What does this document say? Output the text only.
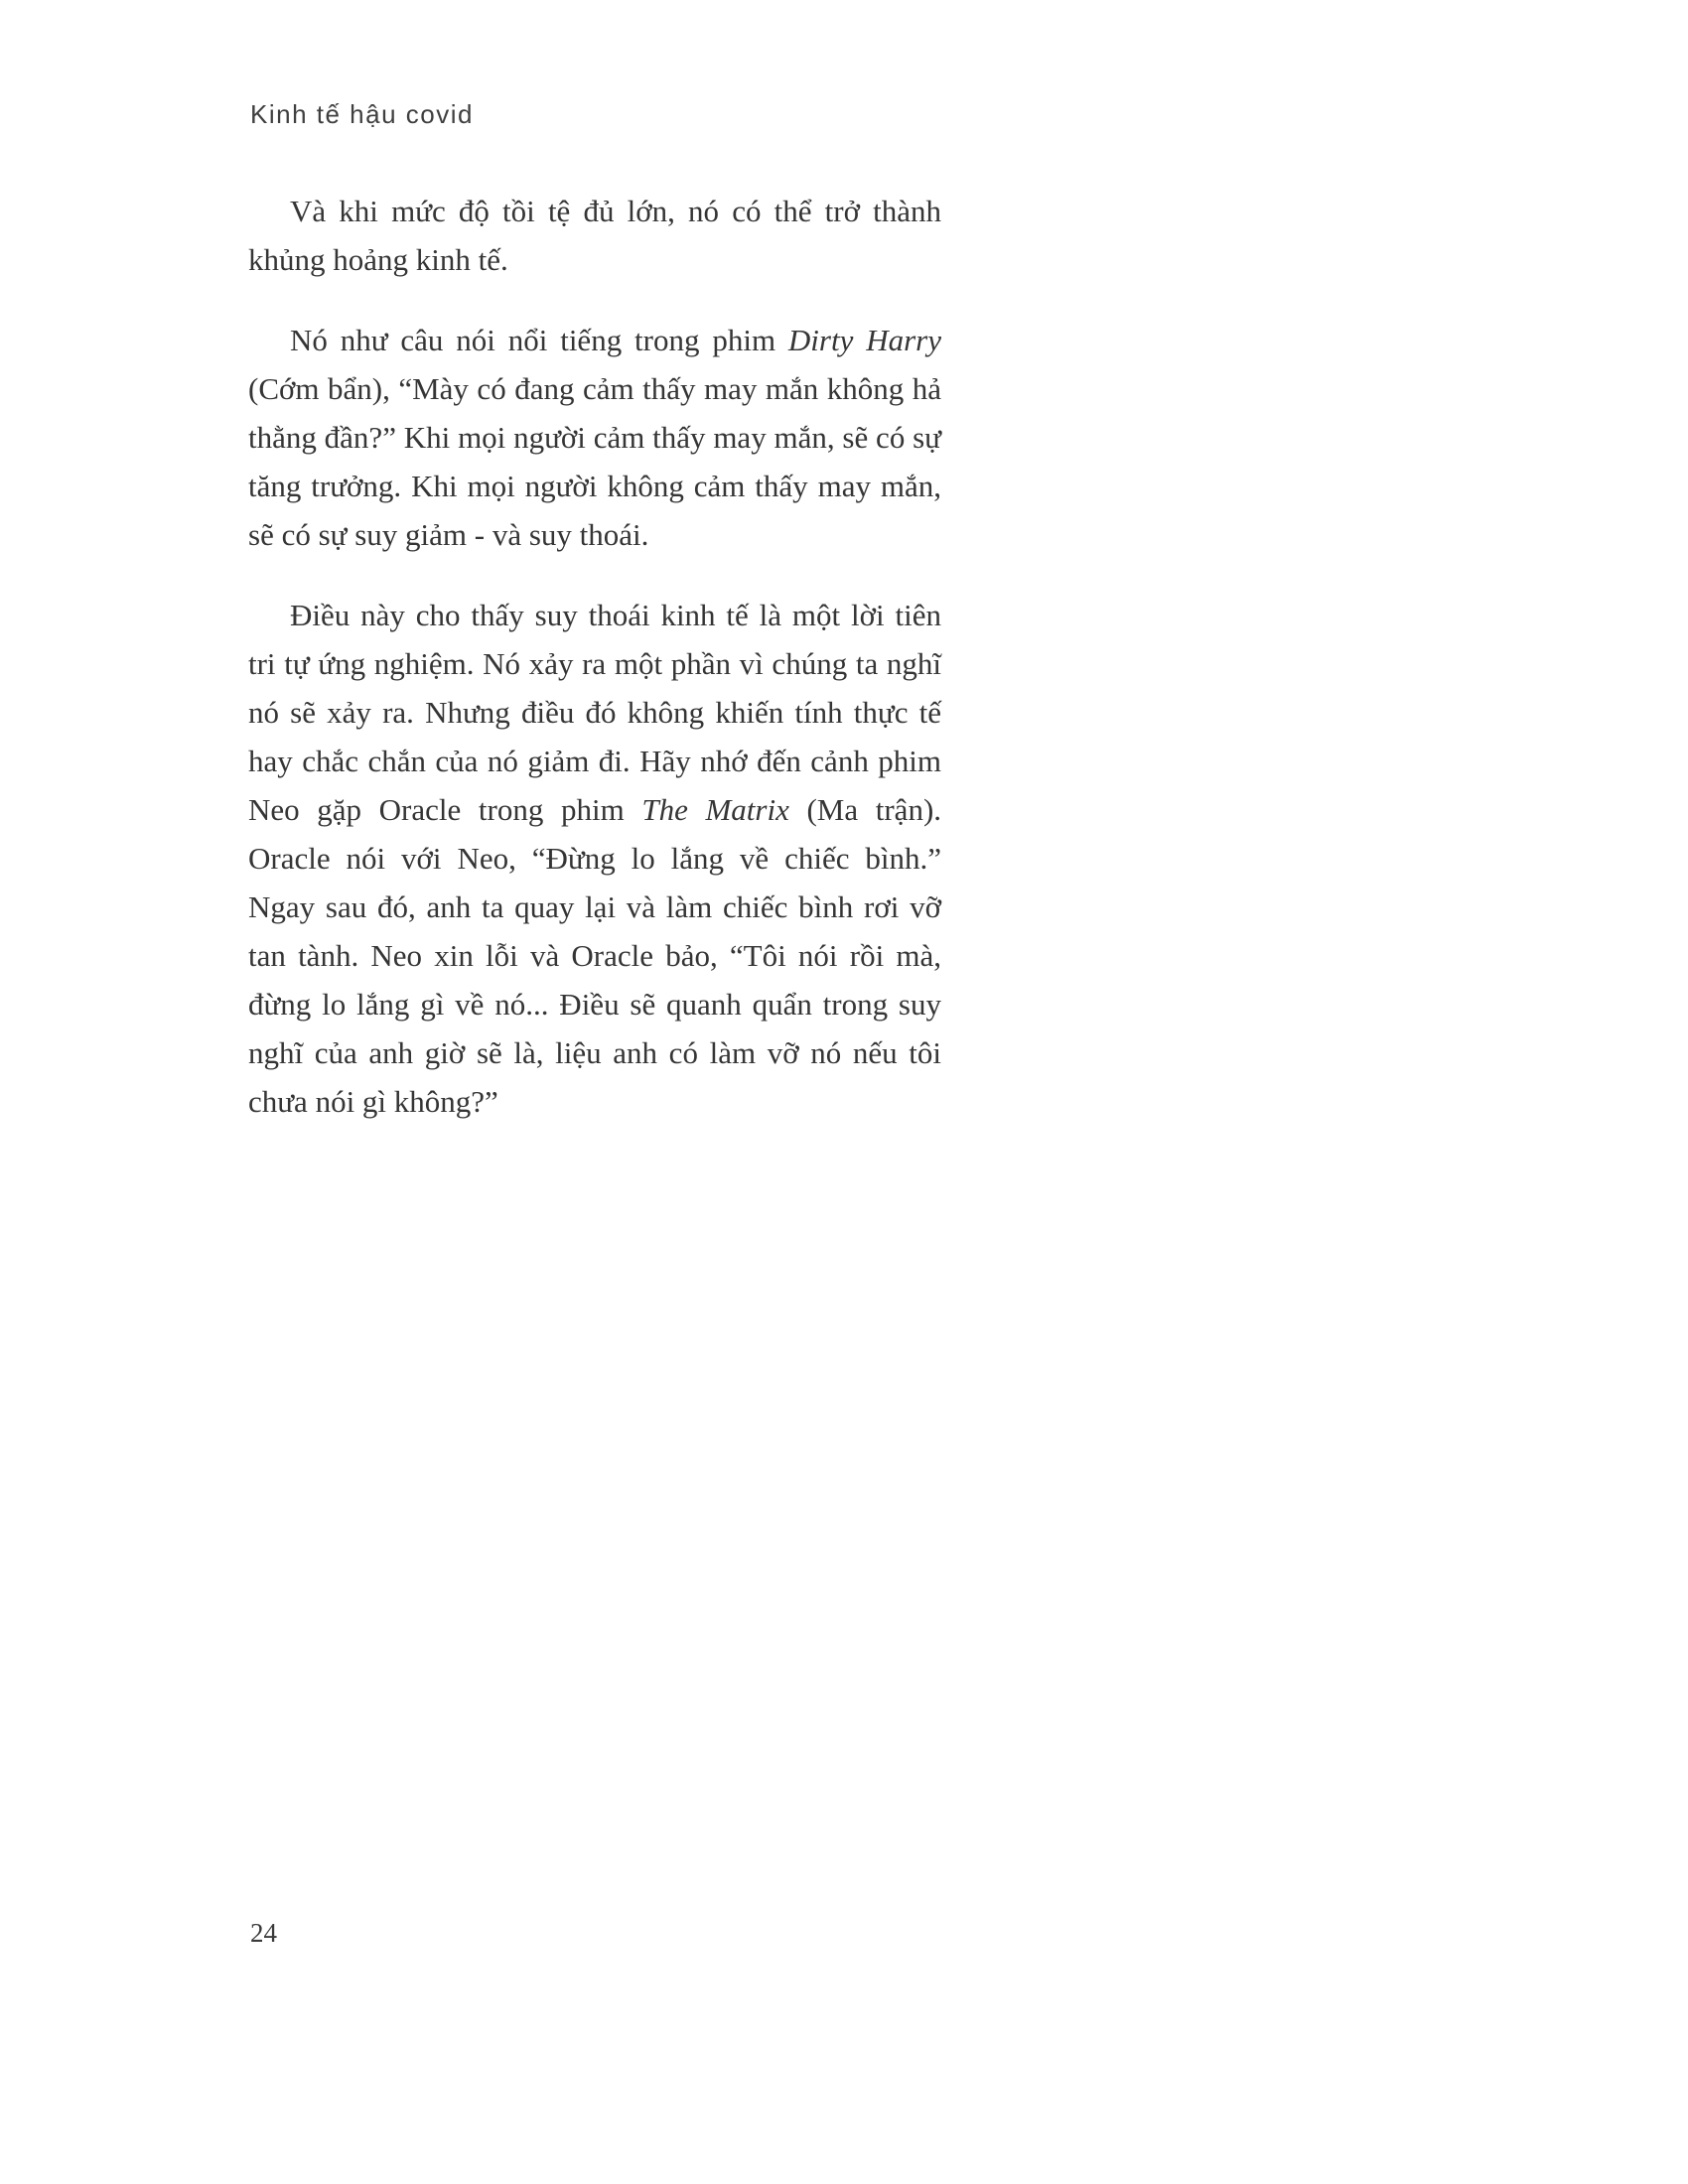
Kinh tế hậu covid

Và khi mức độ tồi tệ đủ lớn, nó có thể trở thành khủng hoảng kinh tế.

Nó như câu nói nổi tiếng trong phim Dirty Harry (Cớm bẩn), “Mày có đang cảm thấy may mắn không hả thằng đần?” Khi mọi người cảm thấy may mắn, sẽ có sự tăng trưởng. Khi mọi người không cảm thấy may mắn, sẽ có sự suy giảm - và suy thoái.

Điều này cho thấy suy thoái kinh tế là một lời tiên tri tự ứng nghiệm. Nó xảy ra một phần vì chúng ta nghĩ nó sẽ xảy ra. Nhưng điều đó không khiến tính thực tế hay chắc chắn của nó giảm đi. Hãy nhớ đến cảnh phim Neo gặp Oracle trong phim The Matrix (Ma trận). Oracle nói với Neo, “Đừng lo lắng về chiếc bình.” Ngay sau đó, anh ta quay lại và làm chiếc bình rơi vỡ tan tành. Neo xin lỗi và Oracle bảo, “Tôi nói rồi mà, đừng lo lắng gì về nó... Điều sẽ quanh quẩn trong suy nghĩ của anh giờ sẽ là, liệu anh có làm vỡ nó nếu tôi chưa nói gì không?”

24
